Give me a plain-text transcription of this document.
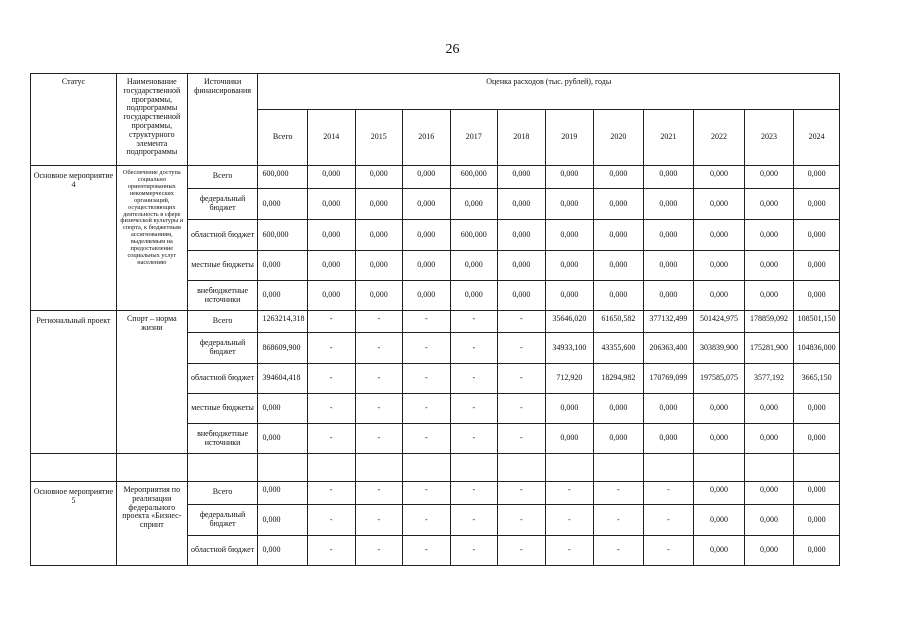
26
Статус	Наименование государственной программы, подпрограммы государственной программы, структурного элемента подпрограммы	Источники финансирования	Оценка расходов (тыс. рублей), годы											
			Всего	2014	2015	2016	2017	2018	2019	2020	2021	2022	2023	2024
Основное мероприятие 4	Обеспечение доступа социально ориентированных некоммерческих организаций, осуществляющих деятельность в сфере физической культуры и спорта, к бюджетным ассигнованиям, выделяемым на предоставление социальных услуг населению	Всего	600,000	0,000	0,000	0,000	600,000	0,000	0,000	0,000	0,000	0,000	0,000	0,000
		федеральный бюджет	0,000	0,000	0,000	0,000	0,000	0,000	0,000	0,000	0,000	0,000	0,000	0,000
		областной бюджет	600,000	0,000	0,000	0,000	600,000	0,000	0,000	0,000	0,000	0,000	0,000	0,000
		местные бюджеты	0,000	0,000	0,000	0,000	0,000	0,000	0,000	0,000	0,000	0,000	0,000	0,000
		внебюджетные источники	0,000	0,000	0,000	0,000	0,000	0,000	0,000	0,000	0,000	0,000	0,000	0,000
Региональный проект	Спорт – норма жизни	Всего	1263214,318	-	-	-	-	-	35646,020	61650,582	377132,499	501424,975	178859,092	108501,150
		федеральный бюджет	868609,900	-	-	-	-	-	34933,100	43355,600	206363,400	303839,900	175281,900	104836,000
		областной бюджет	394604,418	-	-	-	-	-	712,920	18294,982	170769,099	197585,075	3577,192	3665,150
		местные бюджеты	0,000	-	-	-	-	-	0,000	0,000	0,000	0,000	0,000	0,000
		внебюджетные источники	0,000	-	-	-	-	-	0,000	0,000	0,000	0,000	0,000	0,000

Основное мероприятие 5	Мероприятия по реализации федерального проекта «Бизнес-спринт	Всего	0,000	-	-	-	-	-	-	-	-	0,000	0,000	0,000
		федеральный бюджет	0,000	-	-	-	-	-	-	-	-	0,000	0,000	0,000
		областной бюджет	0,000	-	-	-	-	-	-	-	-	0,000	0,000	0,000
